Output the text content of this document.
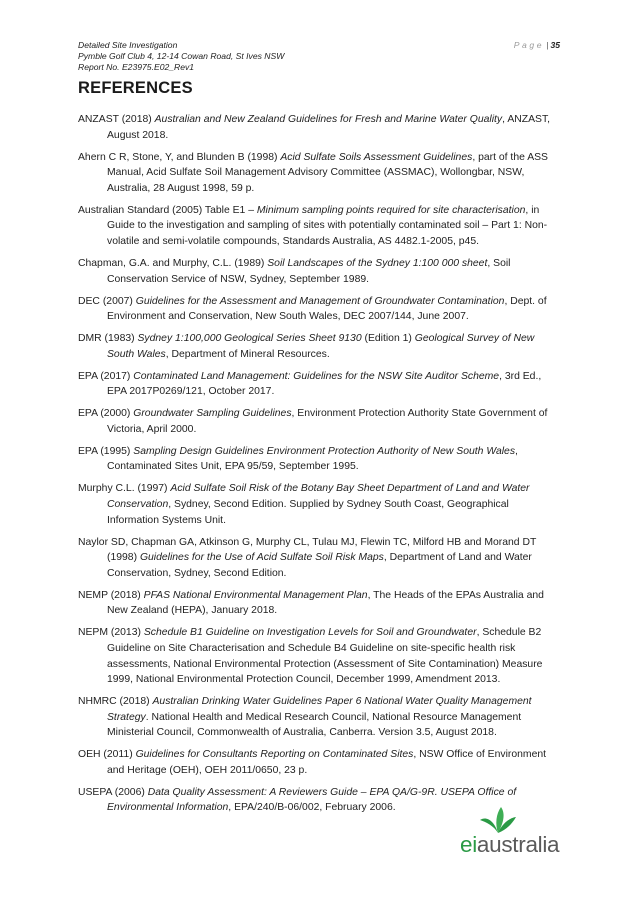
Detailed Site Investigation
Pymble Golf Club 4, 12-14 Cowan Road, St Ives NSW
Report No. E23975.E02_Rev1
Page | 35
REFERENCES
ANZAST (2018) Australian and New Zealand Guidelines for Fresh and Marine Water Quality, ANZAST, August 2018.
Ahern C R, Stone, Y, and Blunden B (1998) Acid Sulfate Soils Assessment Guidelines, part of the ASS Manual, Acid Sulfate Soil Management Advisory Committee (ASSMAC), Wollongbar, NSW, Australia, 28 August 1998, 59 p.
Australian Standard (2005) Table E1 – Minimum sampling points required for site characterisation, in Guide to the investigation and sampling of sites with potentially contaminated soil – Part 1: Non-volatile and semi-volatile compounds, Standards Australia, AS 4482.1-2005, p45.
Chapman, G.A. and Murphy, C.L. (1989) Soil Landscapes of the Sydney 1:100 000 sheet, Soil Conservation Service of NSW, Sydney, September 1989.
DEC (2007) Guidelines for the Assessment and Management of Groundwater Contamination, Dept. of Environment and Conservation, New South Wales, DEC 2007/144, June 2007.
DMR (1983) Sydney 1:100,000 Geological Series Sheet 9130 (Edition 1) Geological Survey of New South Wales, Department of Mineral Resources.
EPA (2017) Contaminated Land Management: Guidelines for the NSW Site Auditor Scheme, 3rd Ed., EPA 2017P0269/121, October 2017.
EPA (2000) Groundwater Sampling Guidelines, Environment Protection Authority State Government of Victoria, April 2000.
EPA (1995) Sampling Design Guidelines Environment Protection Authority of New South Wales, Contaminated Sites Unit, EPA 95/59, September 1995.
Murphy C.L. (1997) Acid Sulfate Soil Risk of the Botany Bay Sheet Department of Land and Water Conservation, Sydney, Second Edition. Supplied by Sydney South Coast, Geographical Information Systems Unit.
Naylor SD, Chapman GA, Atkinson G, Murphy CL, Tulau MJ, Flewin TC, Milford HB and Morand DT (1998) Guidelines for the Use of Acid Sulfate Soil Risk Maps, Department of Land and Water Conservation, Sydney, Second Edition.
NEMP (2018) PFAS National Environmental Management Plan, The Heads of the EPAs Australia and New Zealand (HEPA), January 2018.
NEPM (2013) Schedule B1 Guideline on Investigation Levels for Soil and Groundwater, Schedule B2 Guideline on Site Characterisation and Schedule B4 Guideline on site-specific health risk assessments, National Environmental Protection (Assessment of Site Contamination) Measure 1999, National Environmental Protection Council, December 1999, Amendment 2013.
NHMRC (2018) Australian Drinking Water Guidelines Paper 6 National Water Quality Management Strategy. National Health and Medical Research Council, National Resource Management Ministerial Council, Commonwealth of Australia, Canberra. Version 3.5, August 2018.
OEH (2011) Guidelines for Consultants Reporting on Contaminated Sites, NSW Office of Environment and Heritage (OEH), OEH 2011/0650, 23 p.
USEPA (2006) Data Quality Assessment: A Reviewers Guide – EPA QA/G-9R. USEPA Office of Environmental Information, EPA/240/B-06/002, February 2006.
eiaustralia
